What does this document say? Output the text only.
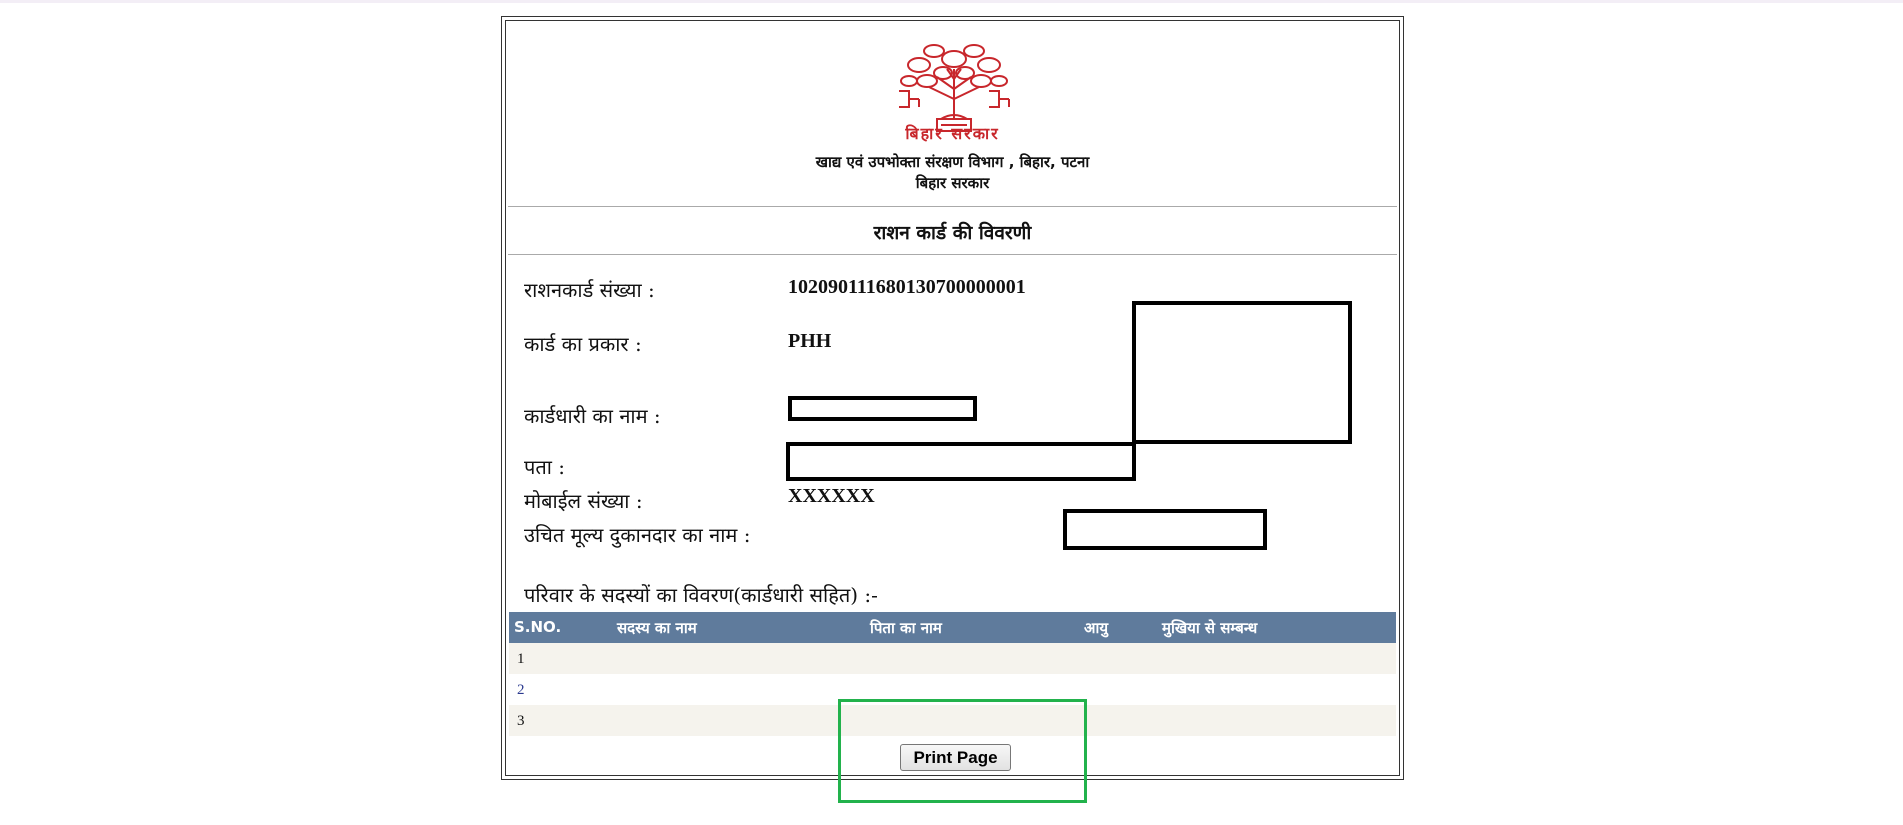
बिहार सरकार
खाद्य एवं उपभोक्ता संरक्षण विभाग , बिहार, पटना
बिहार सरकार
राशन कार्ड की विवरणी
राशनकार्ड संख्या :	10209011168013070000000​1
कार्ड का प्रकार :	PHH
कार्डधारी का नाम :
पता :
मोबाईल संख्या :	XXXXXX
उचित मूल्य दुकानदार का नाम :
परिवार के सदस्यों का विवरण(कार्डधारी सहित) :-
S.NO.	सदस्य का नाम	पिता का नाम	आयु	मुखिया से सम्बन्ध
1
2
3
Print Page
